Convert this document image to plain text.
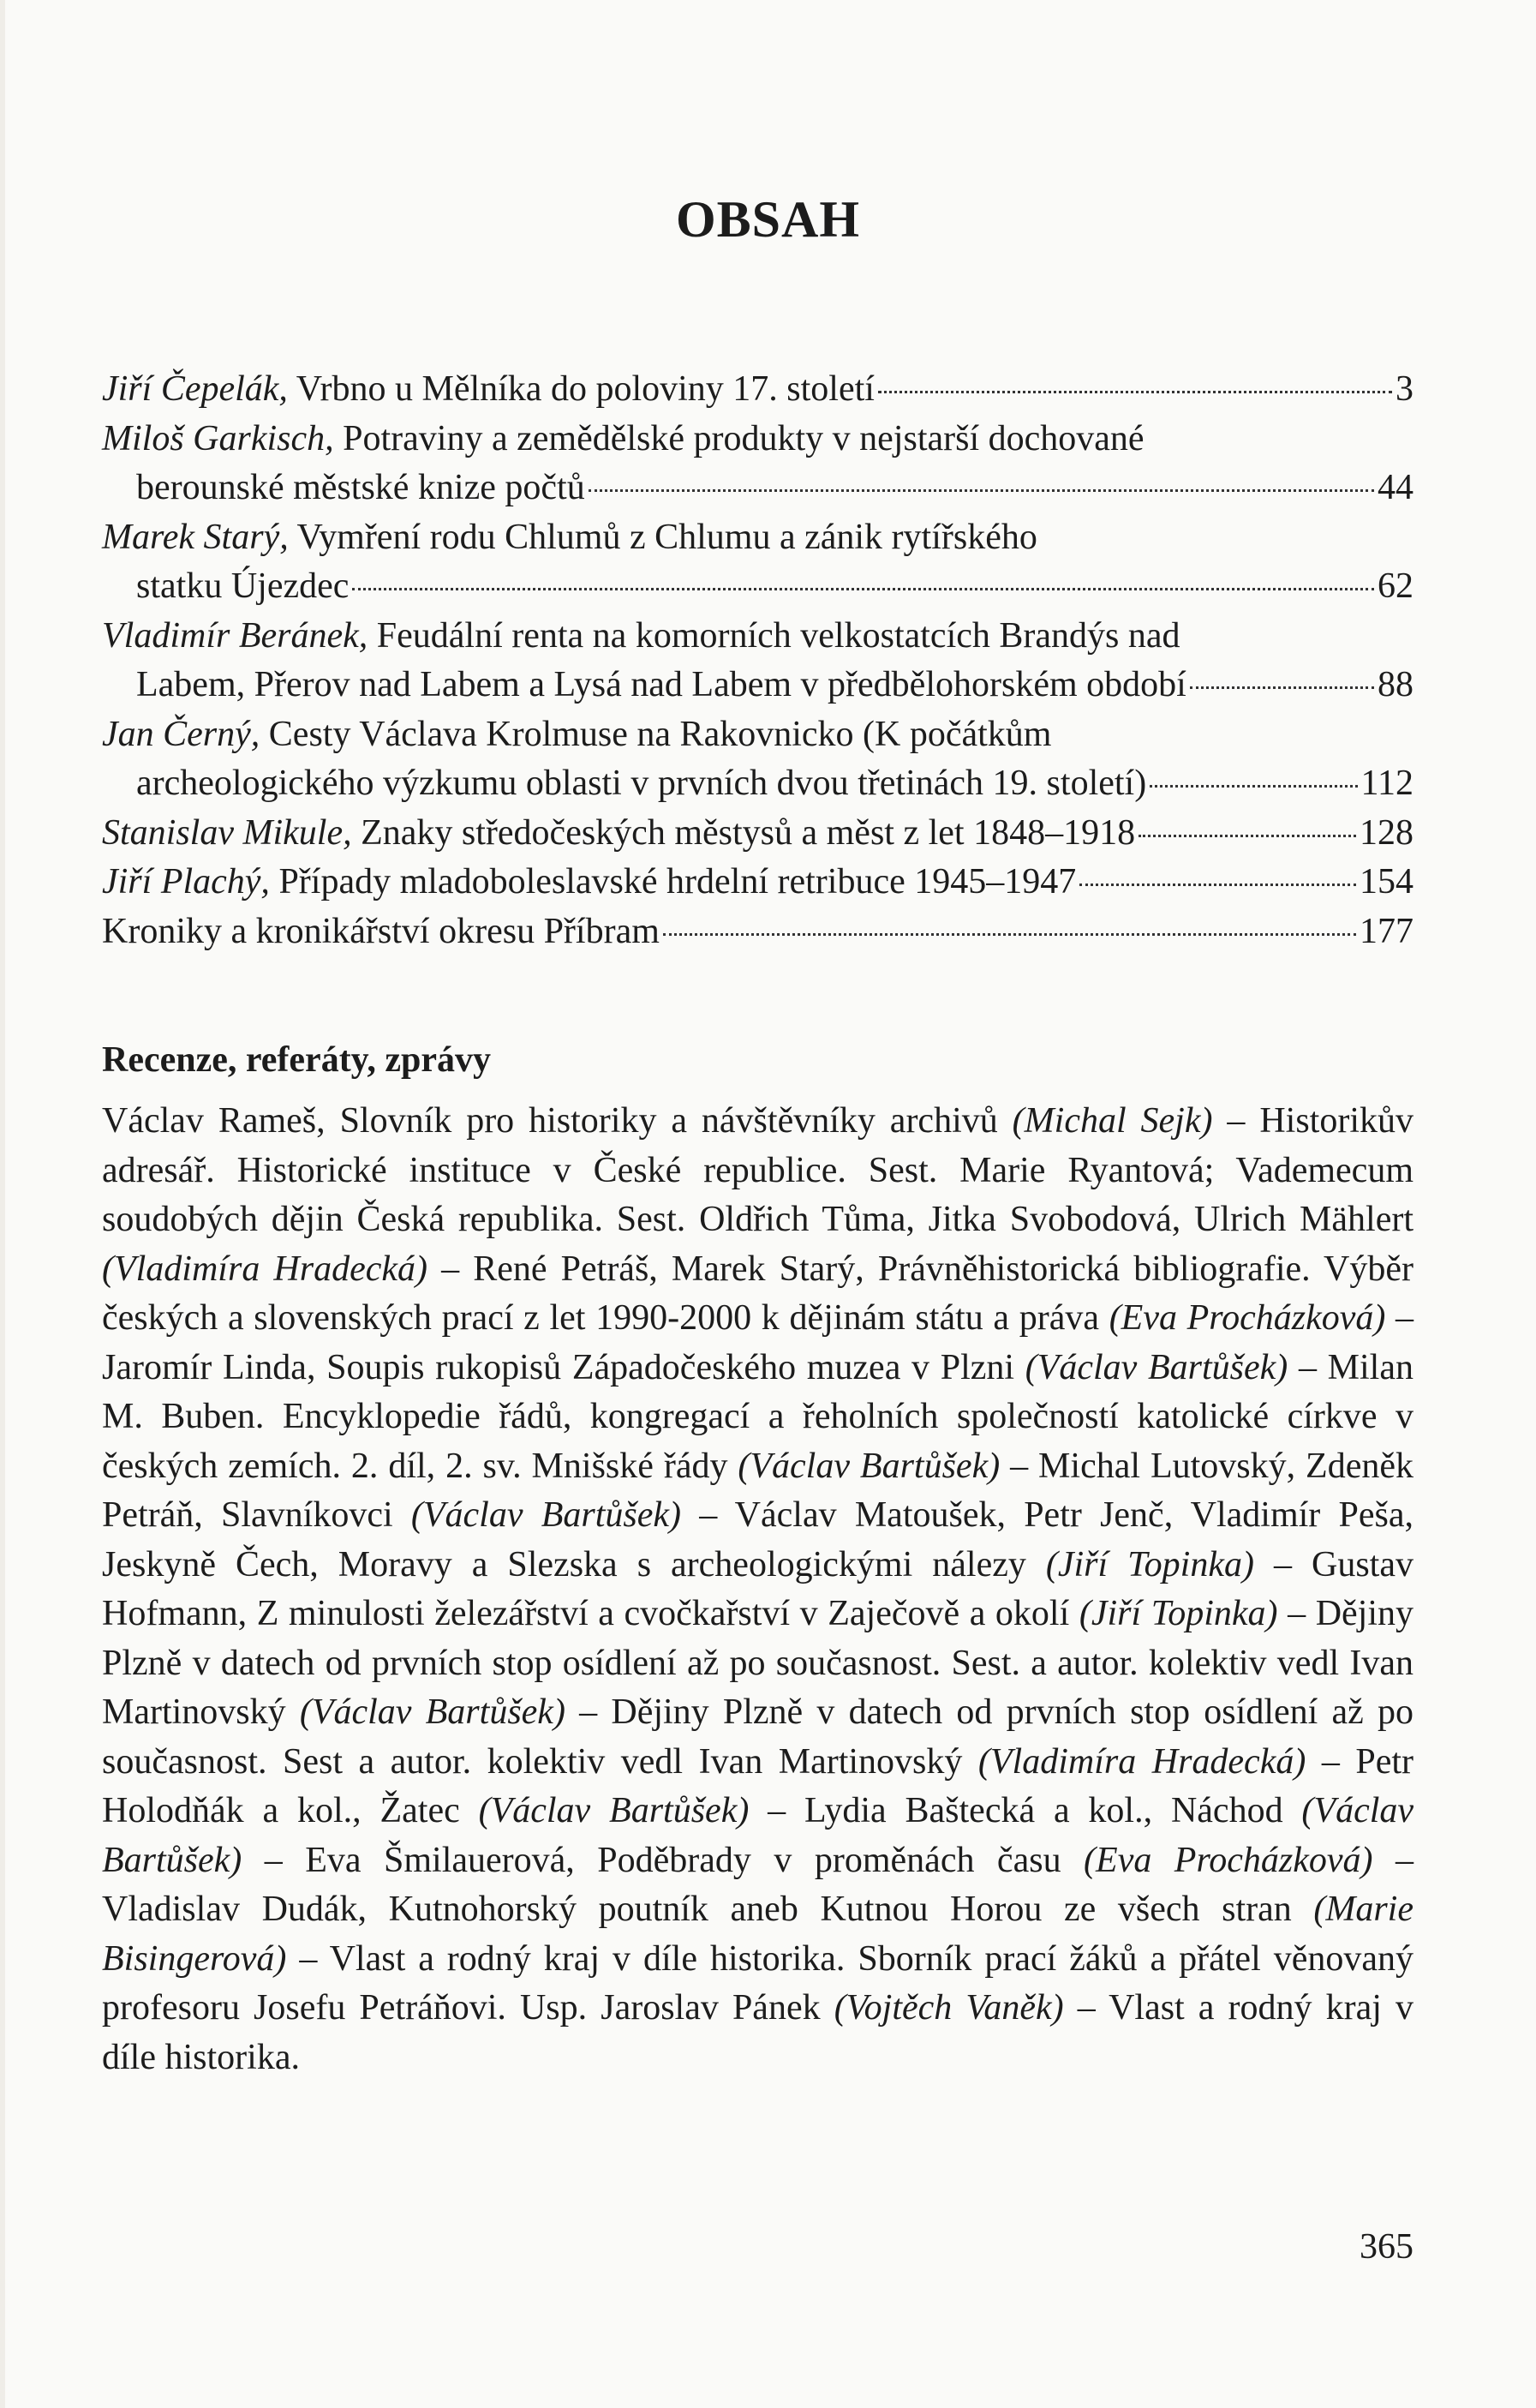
OBSAH
Jiří Čepelák, Vrbno u Mělníka do poloviny 17. století	3
Miloš Garkisch, Potraviny a zemědělské produkty v nejstarší dochované
berounské městské knize počtů	44
Marek Starý, Vymření rodu Chlumů z Chlumu a zánik rytířského
statku Újezdec	62
Vladimír Beránek, Feudální renta na komorních velkostatcích Brandýs nad
Labem, Přerov nad Labem a Lysá nad Labem v předbělohorském období	88
Jan Černý, Cesty Václava Krolmuse na Rakovnicko (K počátkům
archeologického výzkumu oblasti v prvních dvou třetinách 19. století)	112
Stanislav Mikule, Znaky středočeských městysů a měst z let 1848–1918	128
Jiří Plachý, Případy mladoboleslavské hrdelní retribuce 1945–1947	154
Kroniky a kronikářství okresu Příbram	177
Recenze, referáty, zprávy

Václav Rameš, Slovník pro historiky a návštěvníky archivů (Michal Sejk) – Historikův adresář. Historické instituce v České republice. Sest. Marie Ryantová; Vademecum soudobých dějin Česká republika. Sest. Oldřich Tůma, Jitka Svobodová, Ulrich Mählert (Vladimíra Hradecká) – René Petráš, Marek Starý, Právněhistorická bibliografie. Výběr českých a slovenských prací z let 1990-2000 k dějinám státu a práva (Eva Procházková) – Jaromír Linda, Soupis rukopisů Západočeského muzea v Plzni (Václav Bartůšek) – Milan M. Buben. Encyklopedie řádů, kongregací a řeholních společností katolické církve v českých zemích. 2. díl, 2. sv. Mnišské řády (Václav Bartůšek) – Michal Lutovský, Zdeněk Petráň, Slavníkovci (Václav Bartůšek) – Václav Matoušek, Petr Jenč, Vladimír Peša, Jeskyně Čech, Moravy a Slezska s archeologickými nálezy (Jiří Topinka) – Gustav Hofmann, Z minulosti železářství a cvočkařství v Zaječově a okolí (Jiří Topinka) – Dějiny Plzně v datech od prvních stop osídlení až po současnost. Sest. a autor. kolektiv vedl Ivan Martinovský (Václav Bartůšek) – Dějiny Plzně v datech od prvních stop osídlení až po současnost. Sest a autor. kolektiv vedl Ivan Martinovský (Vladimíra Hradecká) – Petr Holodňák a kol., Žatec (Václav Bartůšek) – Lydia Baštecká a kol., Náchod (Václav Bartůšek) – Eva Šmilauerová, Poděbrady v proměnách času (Eva Procházková) – Vladislav Dudák, Kutnohorský poutník aneb Kutnou Horou ze všech stran (Marie Bisingerová) – Vlast a rodný kraj v díle historika. Sborník prací žáků a přátel věnovaný profesoru Josefu Petráňovi. Usp. Jaroslav Pánek (Vojtěch Vaněk) – Vlast a rodný kraj v díle historika.

365
